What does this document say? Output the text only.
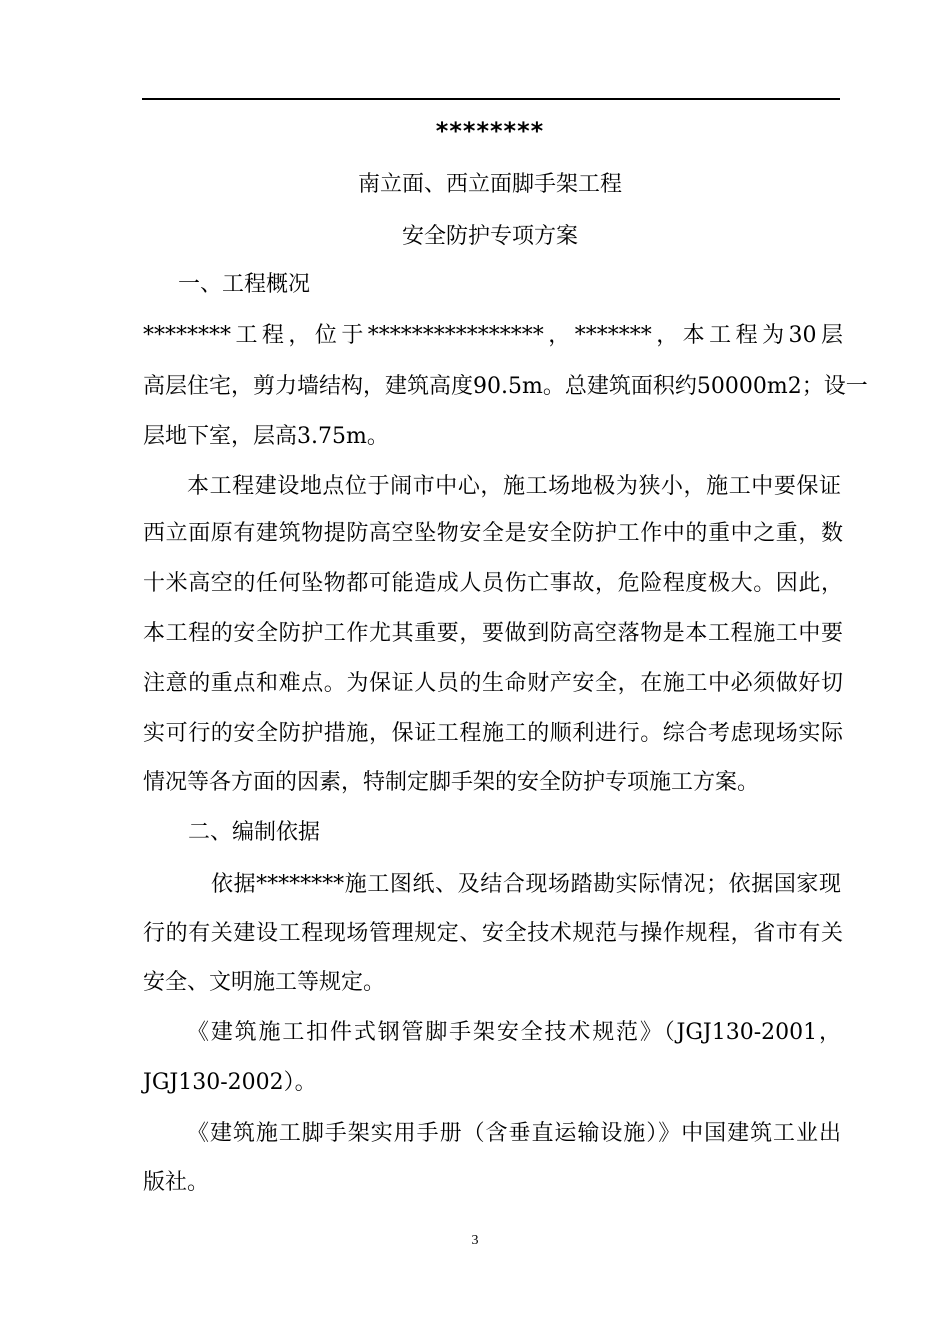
********
南立面、西立面脚手架工程
安全防护专项方案
一、工程概况
********工程，位于****************，*******，本工程为30层
高层住宅，剪力墙结构，建筑高度90.5m。总建筑面积约50000m2；设一
层地下室，层高3.75m。
本工程建设地点位于闹市中心，施工场地极为狭小，施工中要保证
西立面原有建筑物提防高空坠物安全是安全防护工作中的重中之重，数
十米高空的任何坠物都可能造成人员伤亡事故，危险程度极大。因此，
本工程的安全防护工作尤其重要，要做到防高空落物是本工程施工中要
注意的重点和难点。为保证人员的生命财产安全，在施工中必须做好切
实可行的安全防护措施，保证工程施工的顺利进行。综合考虑现场实际
情况等各方面的因素，特制定脚手架的安全防护专项施工方案。
二、编制依据
依据********施工图纸、及结合现场踏勘实际情况；依据国家现
行的有关建设工程现场管理规定、安全技术规范与操作规程，省市有关
安全、文明施工等规定。
《建筑施工扣件式钢管脚手架安全技术规范》（JGJ130-2001，
JGJ130-2002）。
《建筑施工脚手架实用手册（含垂直运输设施）》中国建筑工业出
版社。
3
